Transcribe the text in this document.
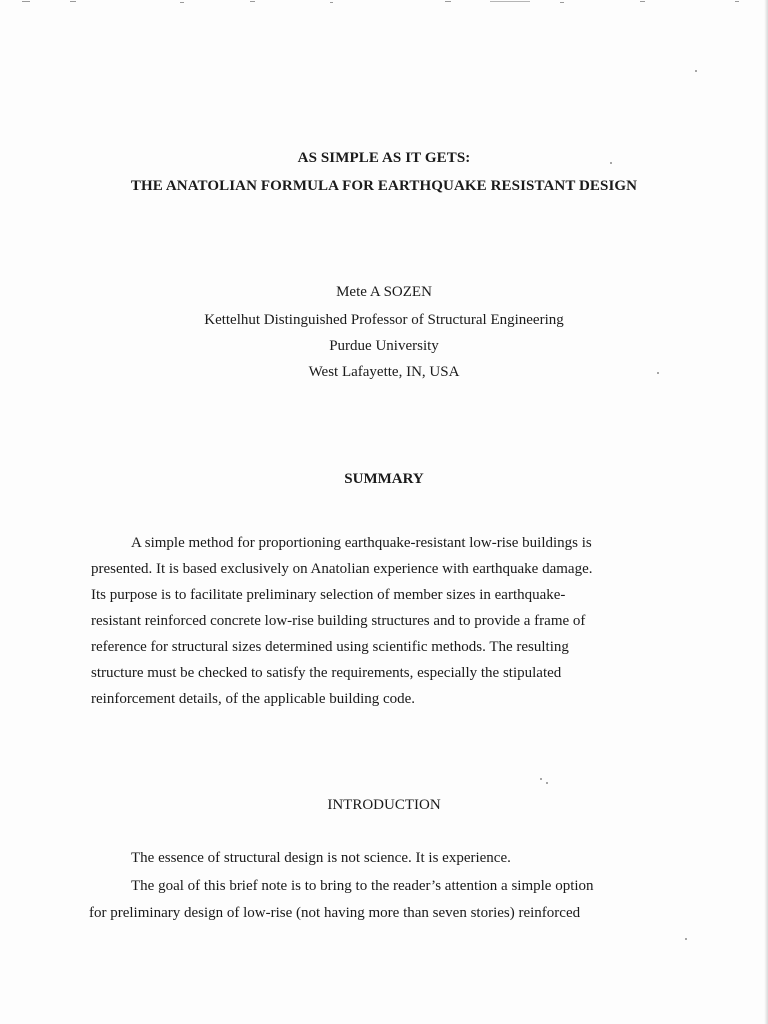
AS SIMPLE AS IT GETS:
THE ANATOLIAN FORMULA FOR EARTHQUAKE RESISTANT DESIGN
Mete A SOZEN
Kettelhut Distinguished Professor of Structural Engineering
Purdue University
West Lafayette, IN, USA
SUMMARY
A simple method for proportioning earthquake-resistant low-rise buildings is
presented. It is based exclusively on Anatolian experience with earthquake damage.
Its purpose is to facilitate preliminary selection of member sizes in earthquake-
resistant reinforced concrete low-rise building structures and to provide a frame of
reference for structural sizes determined using scientific methods. The resulting
structure must be checked to satisfy the requirements, especially the stipulated
reinforcement details, of the applicable building code.
INTRODUCTION
The essence of structural design is not science. It is experience.
The goal of this brief note is to bring to the reader’s attention a simple option
for preliminary design of low-rise (not having more than seven stories) reinforced
